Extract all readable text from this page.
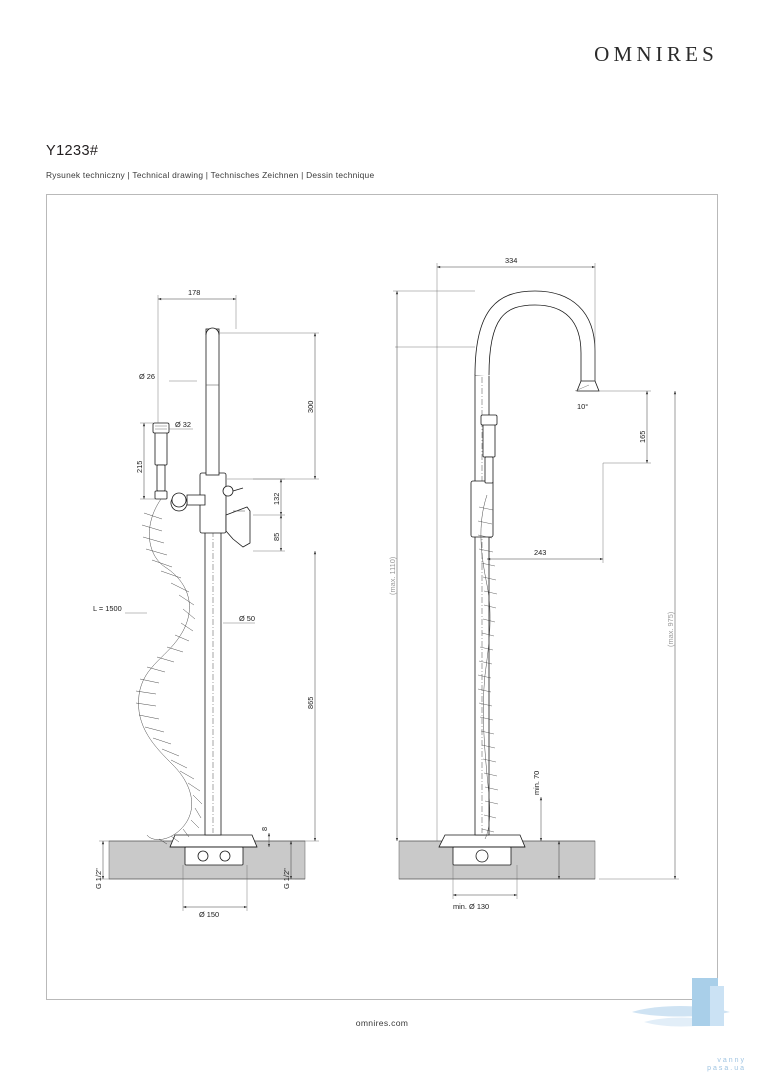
OMNIRES
Y1233#
Rysunek techniczny | Technical drawing | Technisches Zeichnen | Dessin technique
178
300
132
85
215
Ø 26
Ø 32
Ø 50
L = 1500
865
8
Ø 150
G 1/2"	G 1/2"
334
10°
165
243
(max. 1110)
(max. 975)
min. 70
min. Ø 130
omnires.com
vanny
pasa.ua
